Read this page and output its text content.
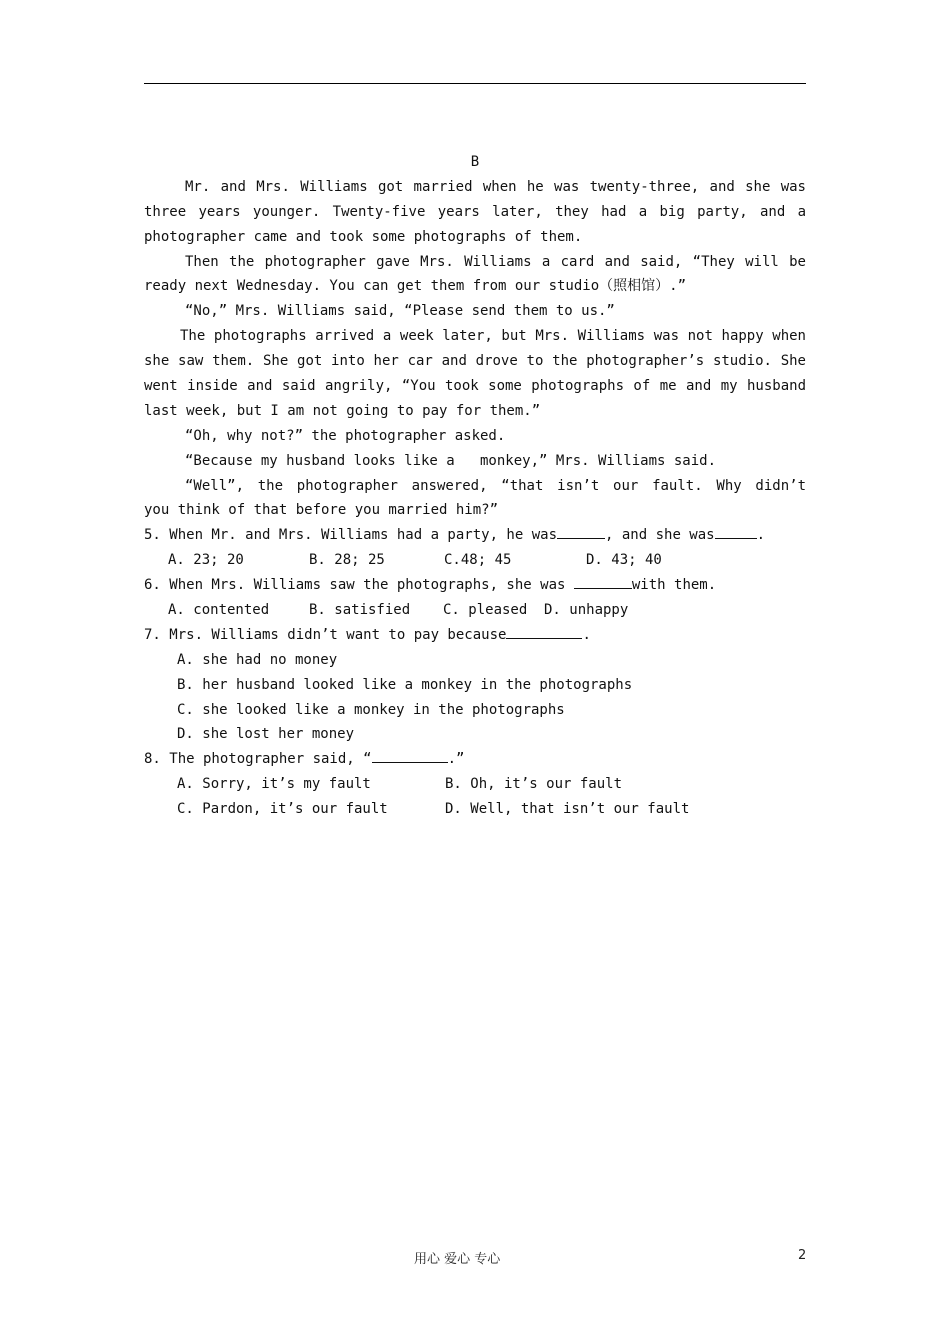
B
Mr. and Mrs. Williams got married when he was twenty-three, and she was
three years younger. Twenty-five years later, they had a big party, and a
photographer came and took some photographs of them.
Then the photographer gave Mrs. Williams a card and said, “They will be
ready next Wednesday. You can get them from our studio（照相馆）.”
“No,” Mrs. Williams said, “Please send them to us.”
The photographs arrived a week later, but Mrs. Williams was not happy when
she saw them. She got into her car and drove to the photographer’s studio. She
went inside and said angrily, “You took some photographs of me and my husband
last week, but I am not going to pay for them.”
“Oh, why not?” the photographer asked.
“Because my husband looks like a   monkey,” Mrs. Williams said.
“Well”, the photographer answered, “that isn’t our fault. Why didn’t
you think of that before you married him?”
5. When Mr. and Mrs. Williams had a party, he was	, and she was	.
A. 23; 20	B. 28; 25	C.48; 45	D. 43; 40
6. When Mrs. Williams saw the photographs, she was	with them.
A. contented	B. satisfied	C. pleased	D. unhappy
7. Mrs. Williams didn’t want to pay because	.
A. she had no money
B. her husband looked like a monkey in the photographs
C. she looked like a monkey in the photographs
D. she lost her money
8. The photographer said, “	.”
A. Sorry, it’s my fault	B. Oh, it’s our fault
C. Pardon, it’s our fault	D. Well, that isn’t our fault
用心 爱心 专心	2
